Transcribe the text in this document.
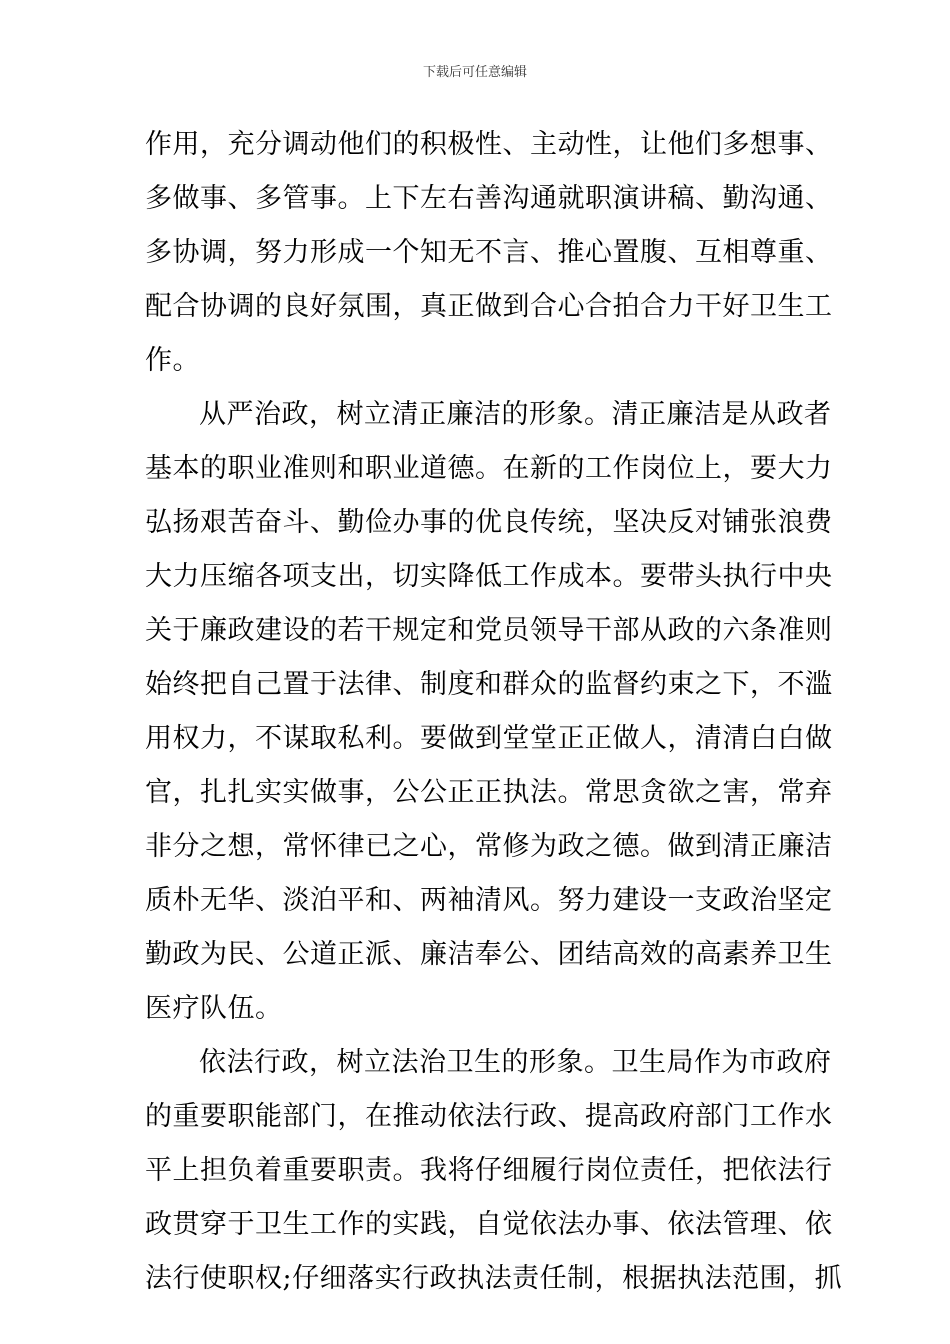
下载后可任意编辑
作用，充分调动他们的积极性、主动性，让他们多想事、
多做事、多管事。上下左右善沟通就职演讲稿、勤沟通、
多协调，努力形成一个知无不言、推心置腹、互相尊重、
配合协调的良好氛围，真正做到合心合拍合力干好卫生工
作。
从严治政，树立清正廉洁的形象。清正廉洁是从政者
基本的职业准则和职业道德。在新的工作岗位上，要大力
弘扬艰苦奋斗、勤俭办事的优良传统，坚决反对铺张浪费
大力压缩各项支出，切实降低工作成本。要带头执行中央
关于廉政建设的若干规定和党员领导干部从政的六条准则
始终把自己置于法律、制度和群众的监督约束之下，不滥
用权力，不谋取私利。要做到堂堂正正做人，清清白白做
官，扎扎实实做事，公公正正执法。常思贪欲之害，常弃
非分之想，常怀律已之心，常修为政之德。做到清正廉洁
质朴无华、淡泊平和、两袖清风。努力建设一支政治坚定
勤政为民、公道正派、廉洁奉公、团结高效的高素养卫生
医疗队伍。
依法行政，树立法治卫生的形象。卫生局作为市政府
的重要职能部门，在推动依法行政、提高政府部门工作水
平上担负着重要职责。我将仔细履行岗位责任，把依法行
政贯穿于卫生工作的实践，自觉依法办事、依法管理、依
法行使职权;仔细落实行政执法责任制，根据执法范围，抓
